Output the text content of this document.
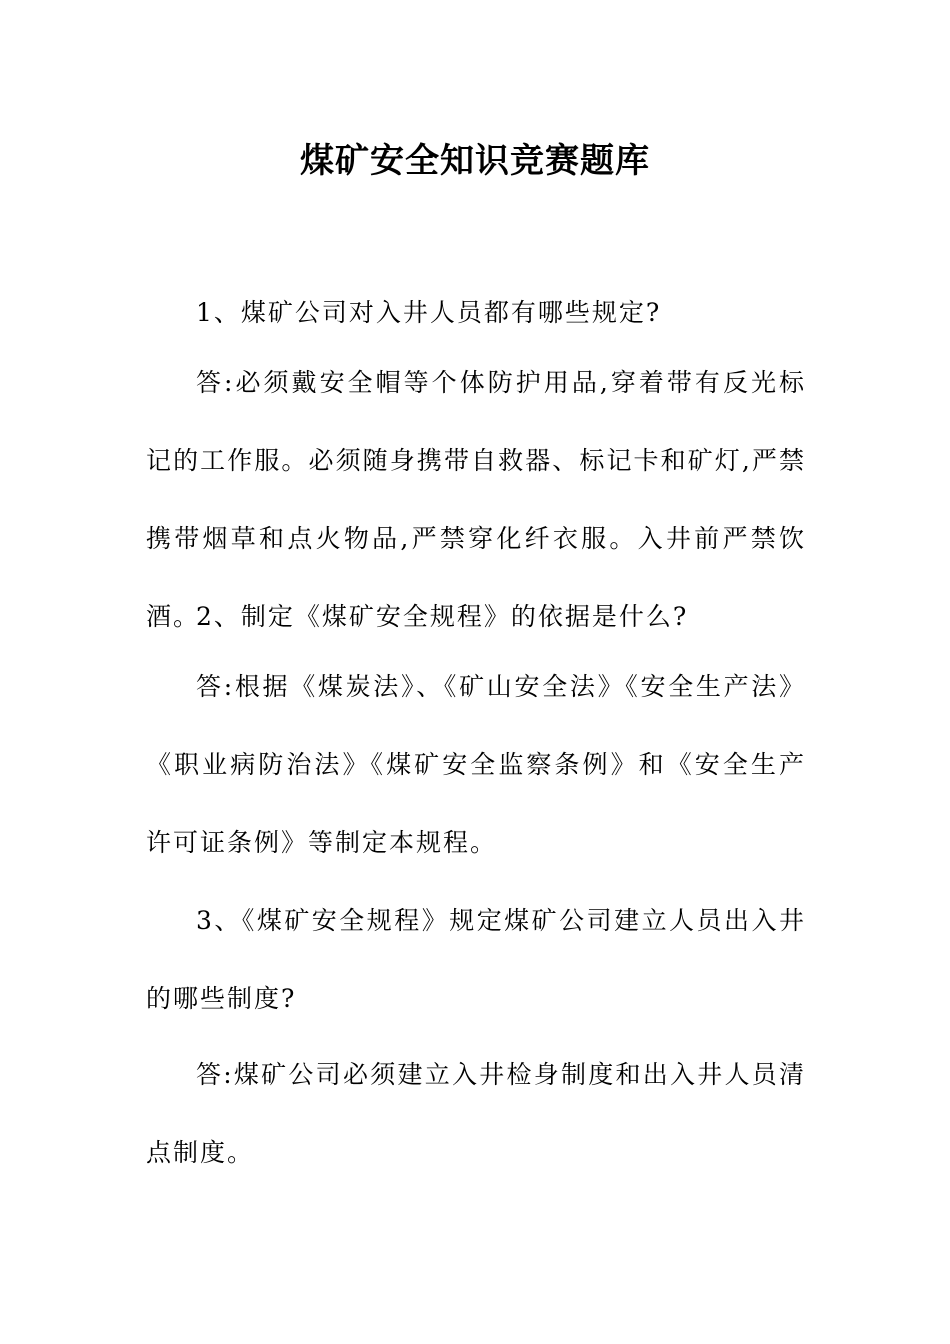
煤矿安全知识竞赛题库

1、煤矿公司对入井人员都有哪些规定?

答:必须戴安全帽等个体防护用品,穿着带有反光标记的工作服。必须随身携带自救器、标记卡和矿灯,严禁携带烟草和点火物品,严禁穿化纤衣服。入井前严禁饮酒。

2、制定《煤矿安全规程》的依据是什么?

答:根据《煤炭法》、《矿山安全法》《安全生产法》《职业病防治法》《煤矿安全监察条例》和《安全生产许可证条例》等制定本规程。

3、《煤矿安全规程》规定煤矿公司建立人员出入井的哪些制度?

答:煤矿公司必须建立入井检身制度和出入井人员清点制度。
